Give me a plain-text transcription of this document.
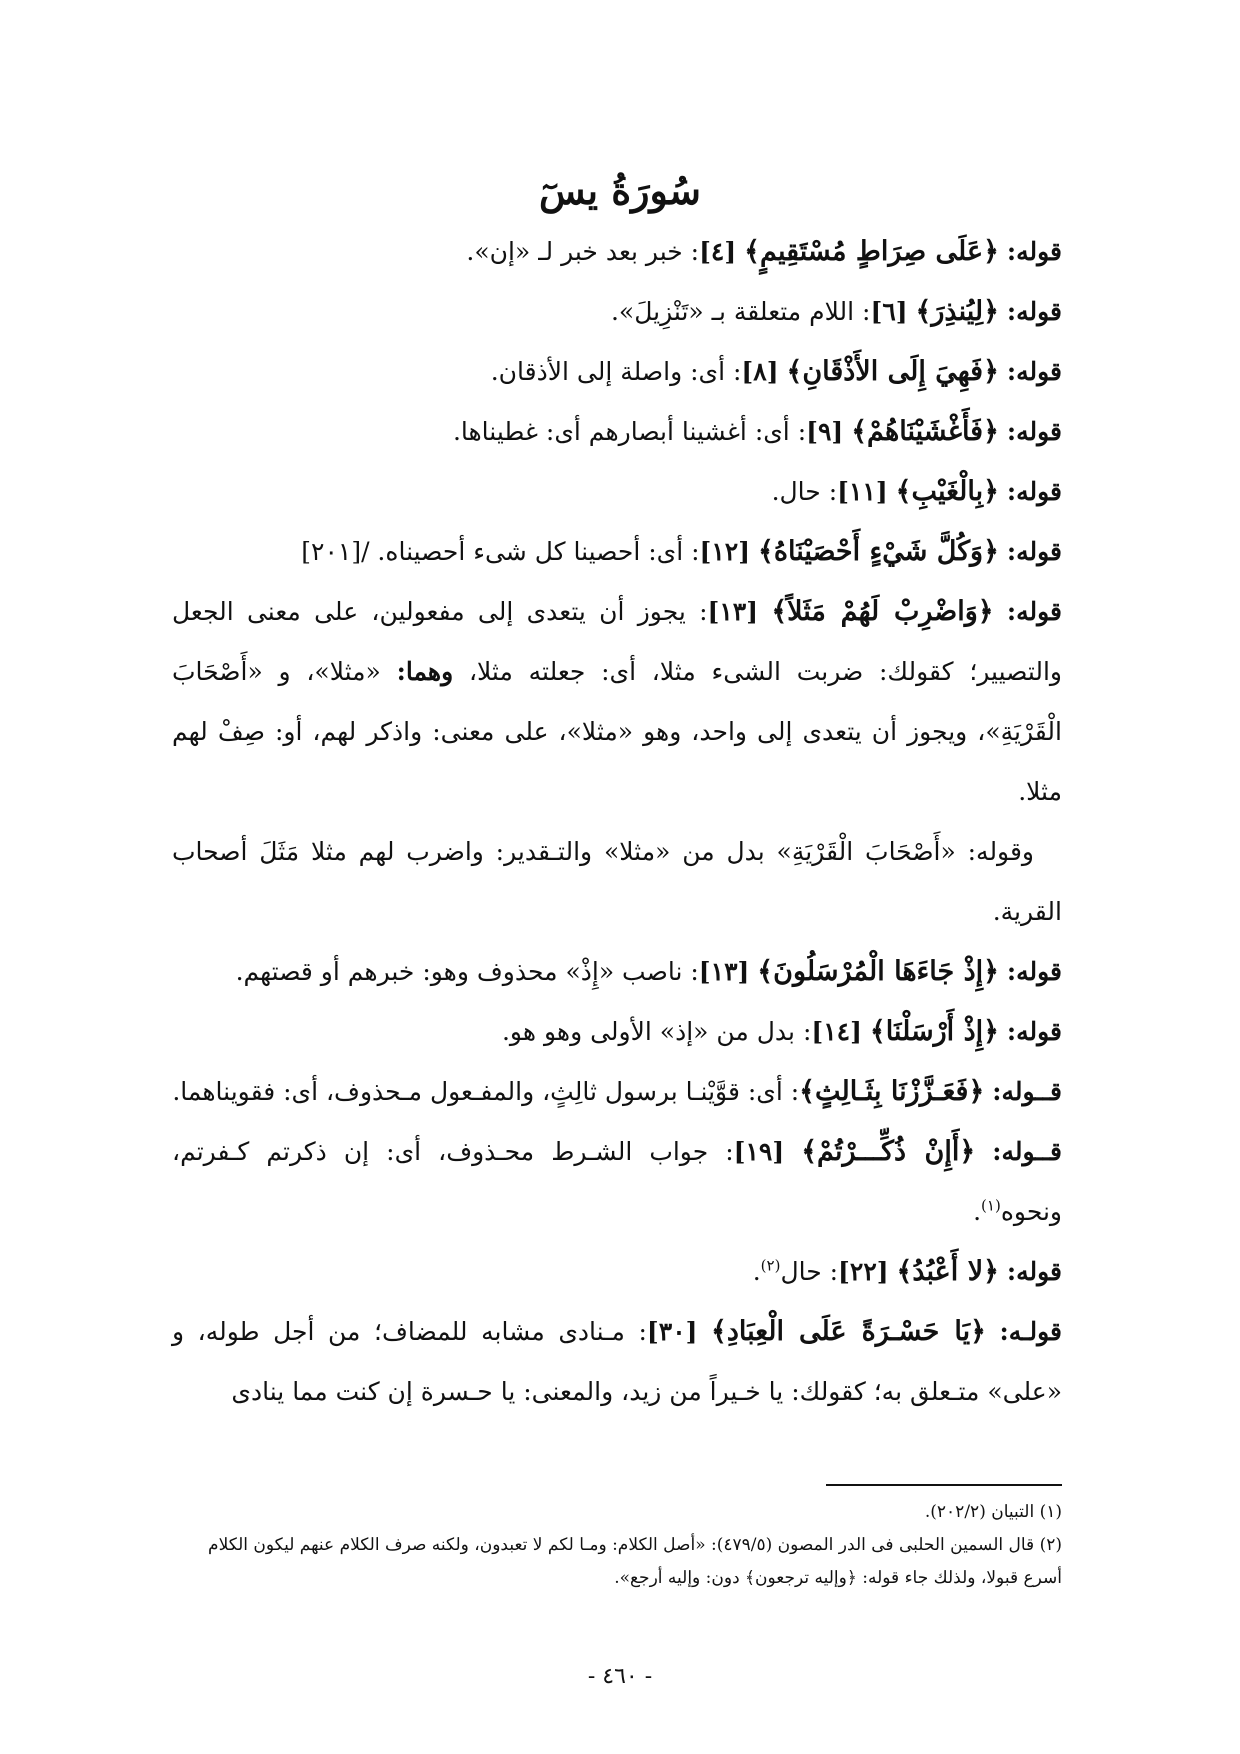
سُورَةُ يسٓ

قوله: ﴿عَلَى صِرَاطٍ مُسْتَقِيمٍ﴾ [٤]: خبر بعد خبر لـ «إن».

قوله: ﴿لِيُنذِرَ﴾ [٦]: اللام متعلقة بـ «تَنْزِيلَ».

قوله: ﴿فَهِيَ إِلَى الأَذْقَانِ﴾ [٨]: أى: واصلة إلى الأذقان.

قوله: ﴿فَأَغْشَيْنَاهُمْ﴾ [٩]: أى: أغشينا أبصارهم أى: غطيناها.

قوله: ﴿بِالْغَيْبِ﴾ [١١]: حال.

قوله: ﴿وَكُلَّ شَيْءٍ أَحْصَيْنَاهُ﴾ [١٢]: أى: أحصينا كل شىء أحصيناه. /[٢٠١]

قوله: ﴿وَاضْرِبْ لَهُمْ مَثَلاً﴾ [١٣]: يجوز أن يتعدى إلى مفعولين، على معنى الجعل والتصيير؛ كقولك: ضربت الشىء مثلا، أى: جعلته مثلا، وهما: «مثلا»، و «أَصْحَابَ الْقَرْيَةِ»، ويجوز أن يتعدى إلى واحد، وهو «مثلا»، على معنى: واذكر لهم، أو: صِفْ لهم مثلا.

وقوله: «أَصْحَابَ الْقَرْيَةِ» بدل من «مثلا» والتـقدير: واضرب لهم مثلا مَثَلَ أصحاب القرية.

قوله: ﴿إِذْ جَاءَهَا الْمُرْسَلُونَ﴾ [١٣]: ناصب «إِذْ» محذوف وهو: خبرهم أو قصتهم.

قوله: ﴿إِذْ أَرْسَلْنَا﴾ [١٤]: بدل من «إذ» الأولى وهو هو.

قــوله: ﴿فَعَـزَّزْنَا بِثَـالِثٍ﴾: أى: قوَّيْنـا برسول ثالِثٍ، والمفـعول مـحذوف، أى: فقويناهما.

قــوله: ﴿أَإِنْ ذُكِّـــرْتُمْ﴾ [١٩]: جواب الشـرط محـذوف، أى: إن ذكرتم كـفرتم، ونحوه$^{(١)}$.

قوله: ﴿لا أَعْبُدُ﴾ [٢٢]: حال$^{(٢)}$.

قولـه: ﴿يَا حَسْـرَةً عَلَى الْعِبَادِ﴾ [٣٠]: مـنادى مشابه للمضاف؛ من أجل طوله، و «على» متـعلق به؛ كقولك: يا خـيراً من زيد، والمعنى: يا حـسرة إن كنت مما ينادى

(١) التبيان (٢٠٢/٢).

(٢) قال السمين الحلبى فى الدر المصون (٤٧٩/٥): «أصل الكلام: ومـا لكم لا تعبدون، ولكنه صرف الكلام عنهم ليكون الكلام أسرع قبولا، ولذلك جاء قوله: ﴿وإليه ترجعون﴾ دون: وإليه أرجع».

- ٤٦٠ -
